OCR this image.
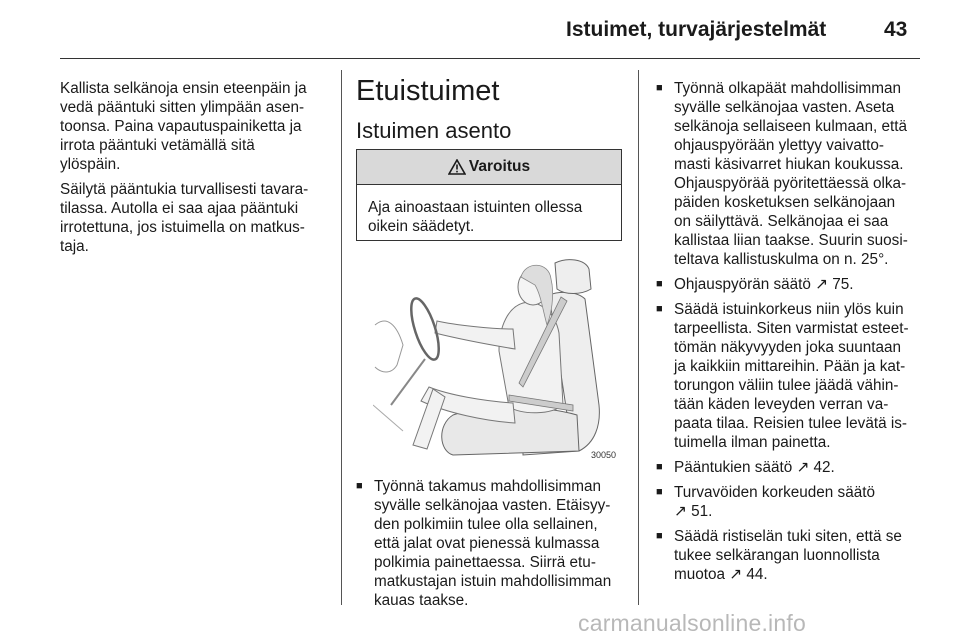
Istuimet, turvajärjestelmät	43

Kallista selkänoja ensin eteenpäin ja

vedä pääntuki sitten ylimpään asen-

toonsa. Paina vapautuspainiketta ja

irrota pääntuki vetämällä sitä

ylöspäin.

Säilytä pääntukia turvallisesti tavara-

tilassa. Autolla ei saa ajaa pääntuki

irrotettuna, jos istuimella on matkus-

taja.

Etuistuimet
Istuimen asento
Varoitus

Aja ainoastaan istuinten ollessa

oikein säädetyt.

30050
■ Työnnä takamus mahdollisimman

syvälle selkänojaa vasten. Etäisyy-

den polkimiin tulee olla sellainen,

että jalat ovat pienessä kulmassa

polkimia painettaessa. Siirrä etu-

matkustajan istuin mahdollisimman

kauas taakse.

■ Työnnä olkapäät mahdollisimman

syvälle selkänojaa vasten. Aseta

selkänoja sellaiseen kulmaan, että

ohjauspyörään ylettyy vaivatto-

masti käsivarret hiukan koukussa.

Ohjauspyörää pyöritettäessä olka-

päiden kosketuksen selkänojaan

on säilyttävä. Selkänojaa ei saa

kallistaa liian taakse. Suurin suosi-

teltava kallistuskulma on n. 25°.

■ Ohjauspyörän säätö ↗ 75.

■ Säädä istuinkorkeus niin ylös kuin

tarpeellista. Siten varmistat esteet-

tömän näkyvyyden joka suuntaan

ja kaikkiin mittareihin. Pään ja kat-

torungon väliin tulee jäädä vähin-

tään käden leveyden verran va-

paata tilaa. Reisien tulee levätä is-

tuimella ilman painetta.

■ Pääntukien säätö ↗ 42.

■ Turvavöiden korkeuden säätö

↗ 51.

■ Säädä ristiselän tuki siten, että se

tukee selkärangan luonnollista

muotoa ↗ 44.

carmanualsonline.info
